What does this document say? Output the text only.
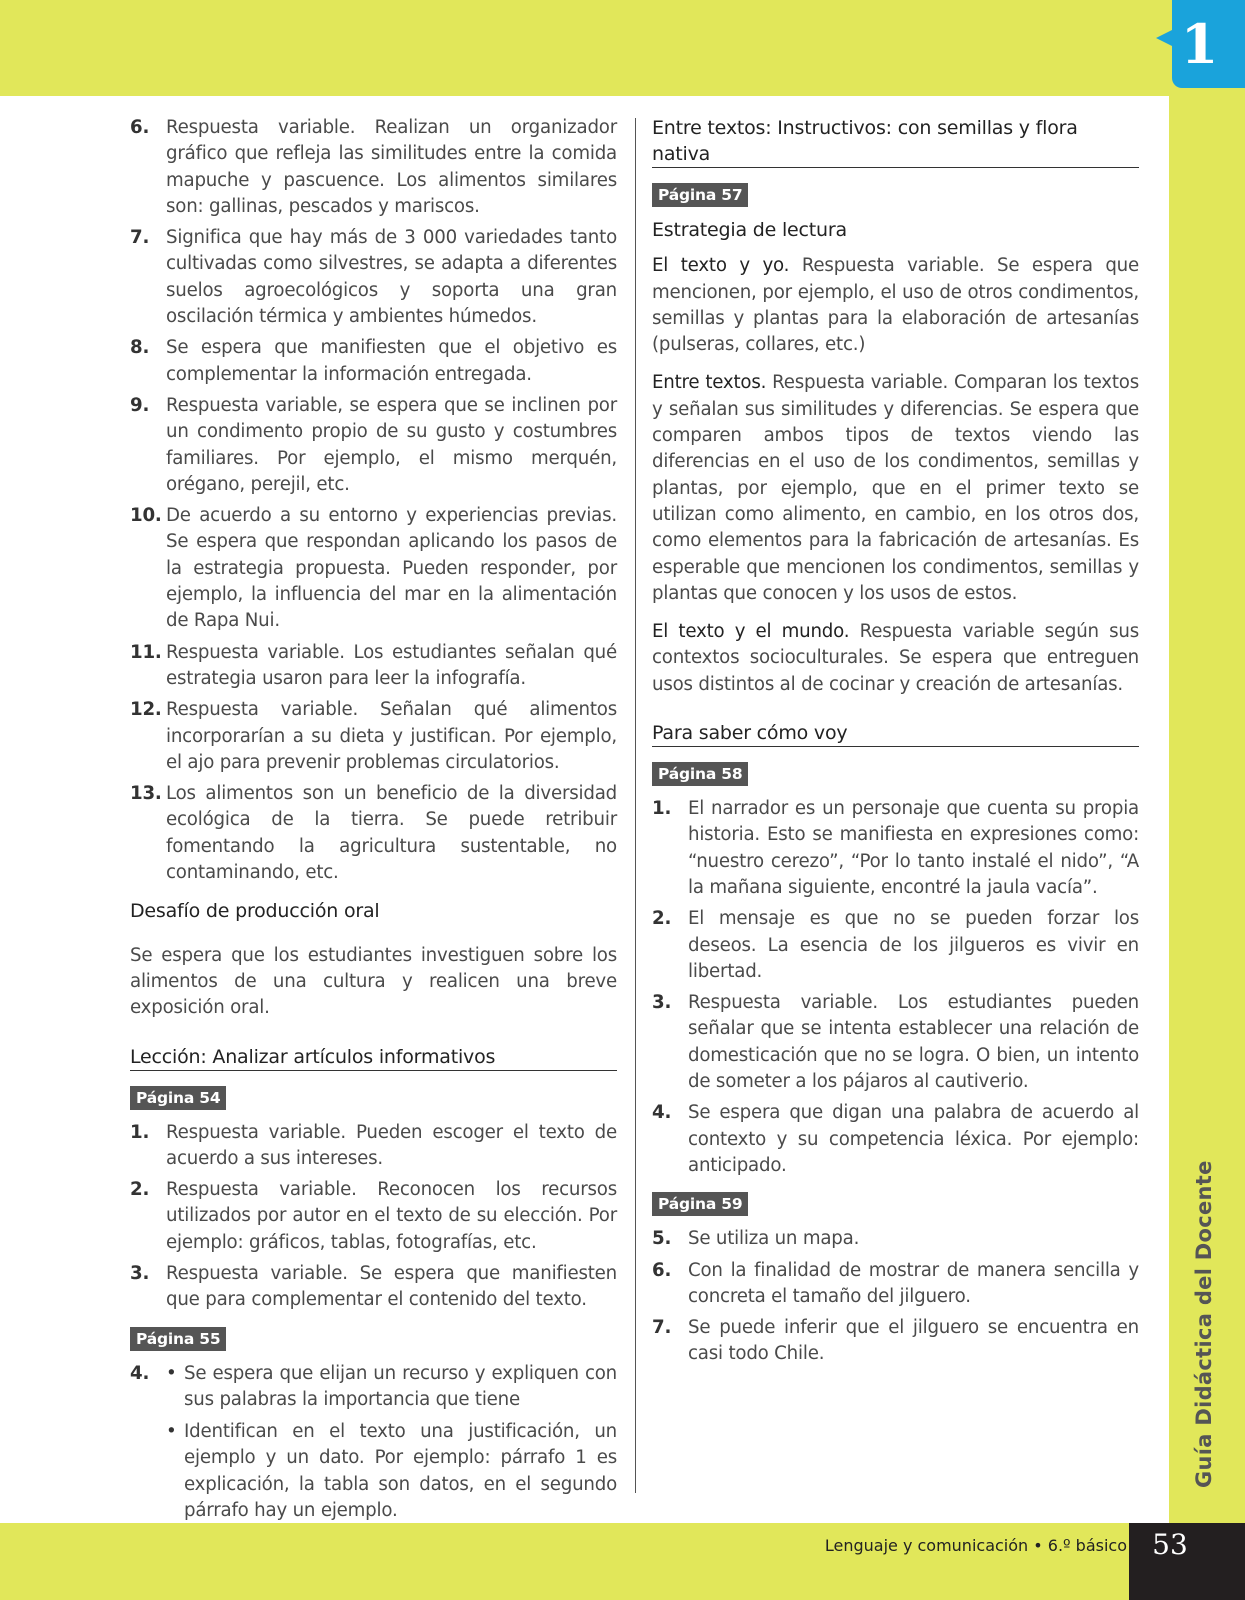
1
Guía Didáctica del Docente
Lenguaje y comunicación • 6.º básico 53
6. Respuesta variable. Realizan un organizador gráfico que refleja las similitudes entre la comida mapuche y pascuence. Los alimentos similares son: gallinas, pescados y mariscos.
7. Significa que hay más de 3 000 variedades tanto cultivadas como silvestres, se adapta a diferentes suelos agroecológicos y soporta una gran oscilación térmica y ambientes húmedos.
8. Se espera que manifiesten que el objetivo es complementar la información entregada.
9. Respuesta variable, se espera que se inclinen por un condimento propio de su gusto y costumbres familiares. Por ejemplo, el mismo merquén, orégano, perejil, etc.
10. De acuerdo a su entorno y experiencias previas. Se espera que respondan aplicando los pasos de la estrategia propuesta. Pueden responder, por ejemplo, la influencia del mar en la alimentación de Rapa Nui.
11. Respuesta variable. Los estudiantes señalan qué estrategia usaron para leer la infografía.
12. Respuesta variable. Señalan qué alimentos incorporarían a su dieta y justifican. Por ejemplo, el ajo para prevenir problemas circulatorios.
13. Los alimentos son un beneficio de la diversidad ecológica de la tierra. Se puede retribuir fomentando la agricultura sustentable, no contaminando, etc.
Desafío de producción oral

Se espera que los estudiantes investiguen sobre los alimentos de una cultura y realicen una breve exposición oral.

Lección: Analizar artículos informativos
Página 54
1. Respuesta variable. Pueden escoger el texto de acuerdo a sus intereses.
2. Respuesta variable. Reconocen los recursos utilizados por autor en el texto de su elección. Por ejemplo: gráficos, tablas, fotografías, etc.
3. Respuesta variable. Se espera que manifiesten que para complementar el contenido del texto.
Página 55
4.
•	Se espera que elijan un recurso y expliquen con sus palabras la importancia que tiene
• Identifican en el texto una justificación, un ejemplo y un dato. Por ejemplo: párrafo 1 es explicación, la tabla son datos, en el segundo párrafo hay un ejemplo.
Entre textos: Instructivos: con semillas y flora nativa
Página 57
Estrategia de lectura

El texto y yo. Respuesta variable. Se espera que mencionen, por ejemplo, el uso de otros condimentos, semillas y plantas para la elaboración de artesanías (pulseras, collares, etc.)

Entre textos. Respuesta variable. Comparan los textos y señalan sus similitudes y diferencias. Se espera que comparen ambos tipos de textos viendo las diferencias en el uso de los condimentos, semillas y plantas, por ejemplo, que en el primer texto se utilizan como alimento, en cambio, en los otros dos, como elementos para la fabricación de artesanías. Es esperable que mencionen los condimentos, semillas y plantas que conocen y los usos de estos.

El texto y el mundo. Respuesta variable según sus contextos socioculturales. Se espera que entreguen usos distintos al de cocinar y creación de artesanías.

Para saber cómo voy
Página 58
1. El narrador es un personaje que cuenta su propia historia. Esto se manifiesta en expresiones como: “nuestro cerezo”, “Por lo tanto instalé el nido”, “A la mañana siguiente, encontré la jaula vacía”.
2. El mensaje es que no se pueden forzar los deseos. La esencia de los jilgueros es vivir en libertad.
3. Respuesta variable. Los estudiantes pueden señalar que se intenta establecer una relación de domesticación que no se logra. O bien, un intento de someter a los pájaros al cautiverio.
4. Se espera que digan una palabra de acuerdo al contexto y su competencia léxica. Por ejemplo: anticipado.
Página 59
5. Se utiliza un mapa.
6. Con la finalidad de mostrar de manera sencilla y concreta el tamaño del jilguero.
7. Se puede inferir que el jilguero se encuentra en casi todo Chile.
